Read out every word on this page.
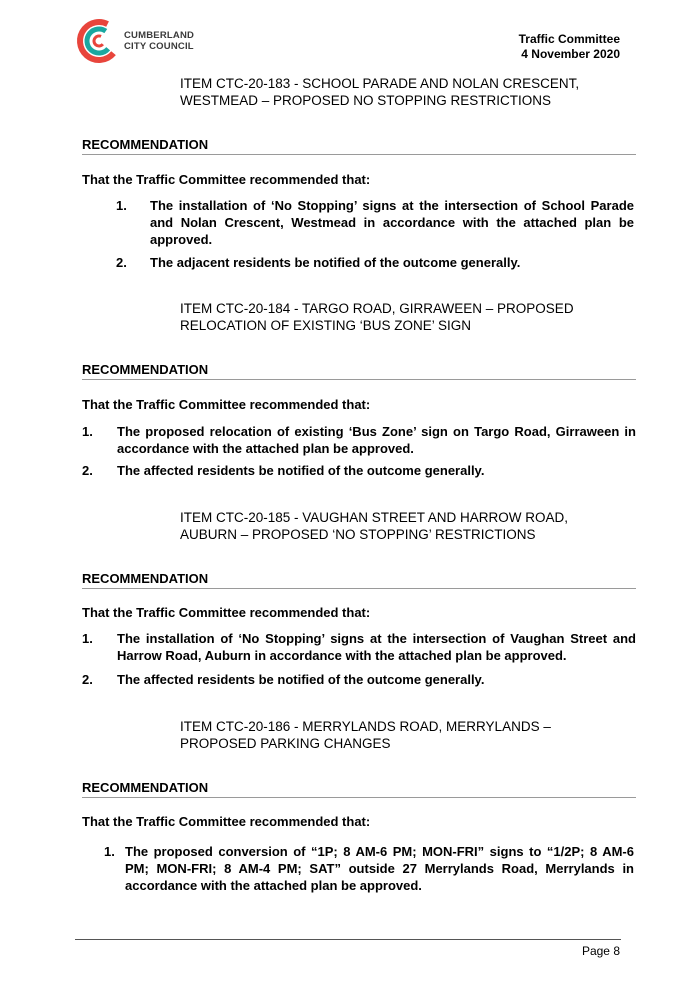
CUMBERLAND
CITY COUNCIL	Traffic Committee
4 November 2020
ITEM CTC-20-183 - SCHOOL PARADE AND NOLAN CRESCENT,
WESTMEAD – PROPOSED NO STOPPING RESTRICTIONS
RECOMMENDATION
That the Traffic Committee recommended that:
1. The installation of ‘No Stopping’ signs at the intersection of School Parade and Nolan Crescent, Westmead in accordance with the attached plan be approved.
2. The adjacent residents be notified of the outcome generally.
ITEM CTC-20-184 - TARGO ROAD, GIRRAWEEN – PROPOSED
RELOCATION OF EXISTING ‘BUS ZONE’ SIGN
RECOMMENDATION
That the Traffic Committee recommended that:
1. The proposed relocation of existing ‘Bus Zone’ sign on Targo Road, Girraween in accordance with the attached plan be approved.
2. The affected residents be notified of the outcome generally.
ITEM CTC-20-185 - VAUGHAN STREET AND HARROW ROAD,
AUBURN – PROPOSED ‘NO STOPPING’ RESTRICTIONS
RECOMMENDATION
That the Traffic Committee recommended that:
1. The installation of ‘No Stopping’ signs at the intersection of Vaughan Street and Harrow Road, Auburn in accordance with the attached plan be approved.
2. The affected residents be notified of the outcome generally.
ITEM CTC-20-186 - MERRYLANDS ROAD, MERRYLANDS –
PROPOSED PARKING CHANGES
RECOMMENDATION
That the Traffic Committee recommended that:
1. The proposed conversion of “1P; 8 AM-6 PM; MON-FRI” signs to “1/2P; 8 AM-6 PM; MON-FRI; 8 AM-4 PM; SAT” outside 27 Merrylands Road, Merrylands in accordance with the attached plan be approved.
Page 8
